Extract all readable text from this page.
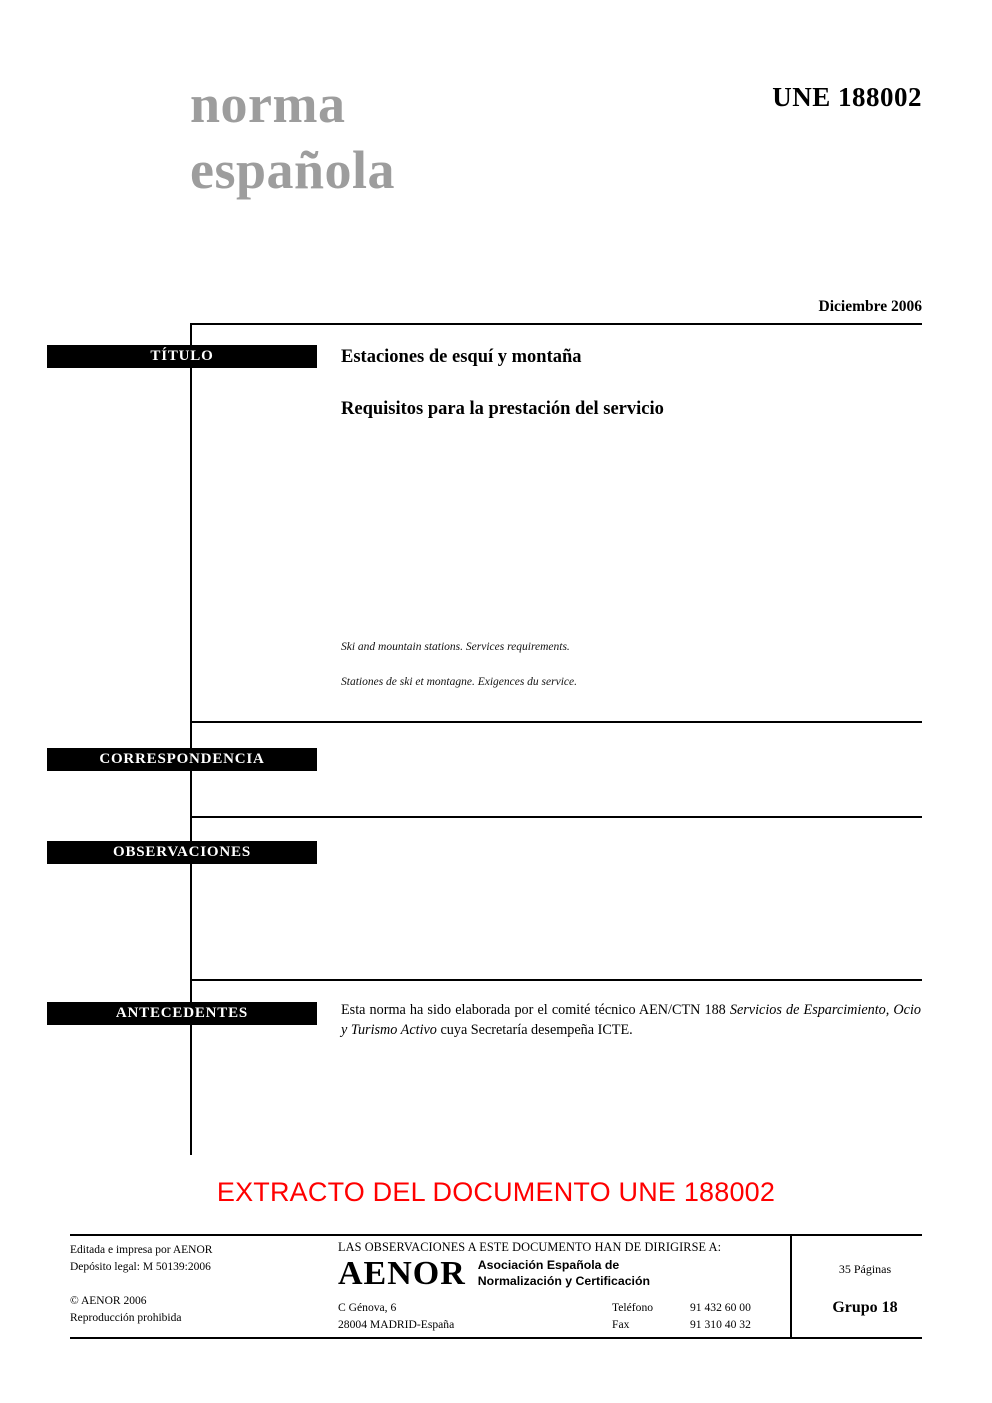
norma
española
UNE 188002
Diciembre 2006
TÍTULO
CORRESPONDENCIA
OBSERVACIONES
ANTECEDENTES
Estaciones de esquí y montaña
Requisitos para la prestación del servicio
Ski and mountain stations. Services requirements.
Stationes de ski et montagne. Exigences du service.
Esta norma ha sido elaborada por el comité técnico AEN/CTN 188 Servicios de Esparcimiento, Ocio y Turismo Activo cuya Secretaría desempeña ICTE.
EXTRACTO DEL DOCUMENTO UNE 188002
Editada e impresa por AENOR
Depósito legal: M 50139:2006
© AENOR 2006
Reproducción prohibida
LAS OBSERVACIONES A ESTE DOCUMENTO HAN DE DIRIGIRSE A:
AENOR Asociación Española de
Normalización y Certificación
C Génova, 6
28004 MADRID-España
Teléfono	91 432 60 00
Fax	91 310 40 32
35 Páginas
Grupo 18
